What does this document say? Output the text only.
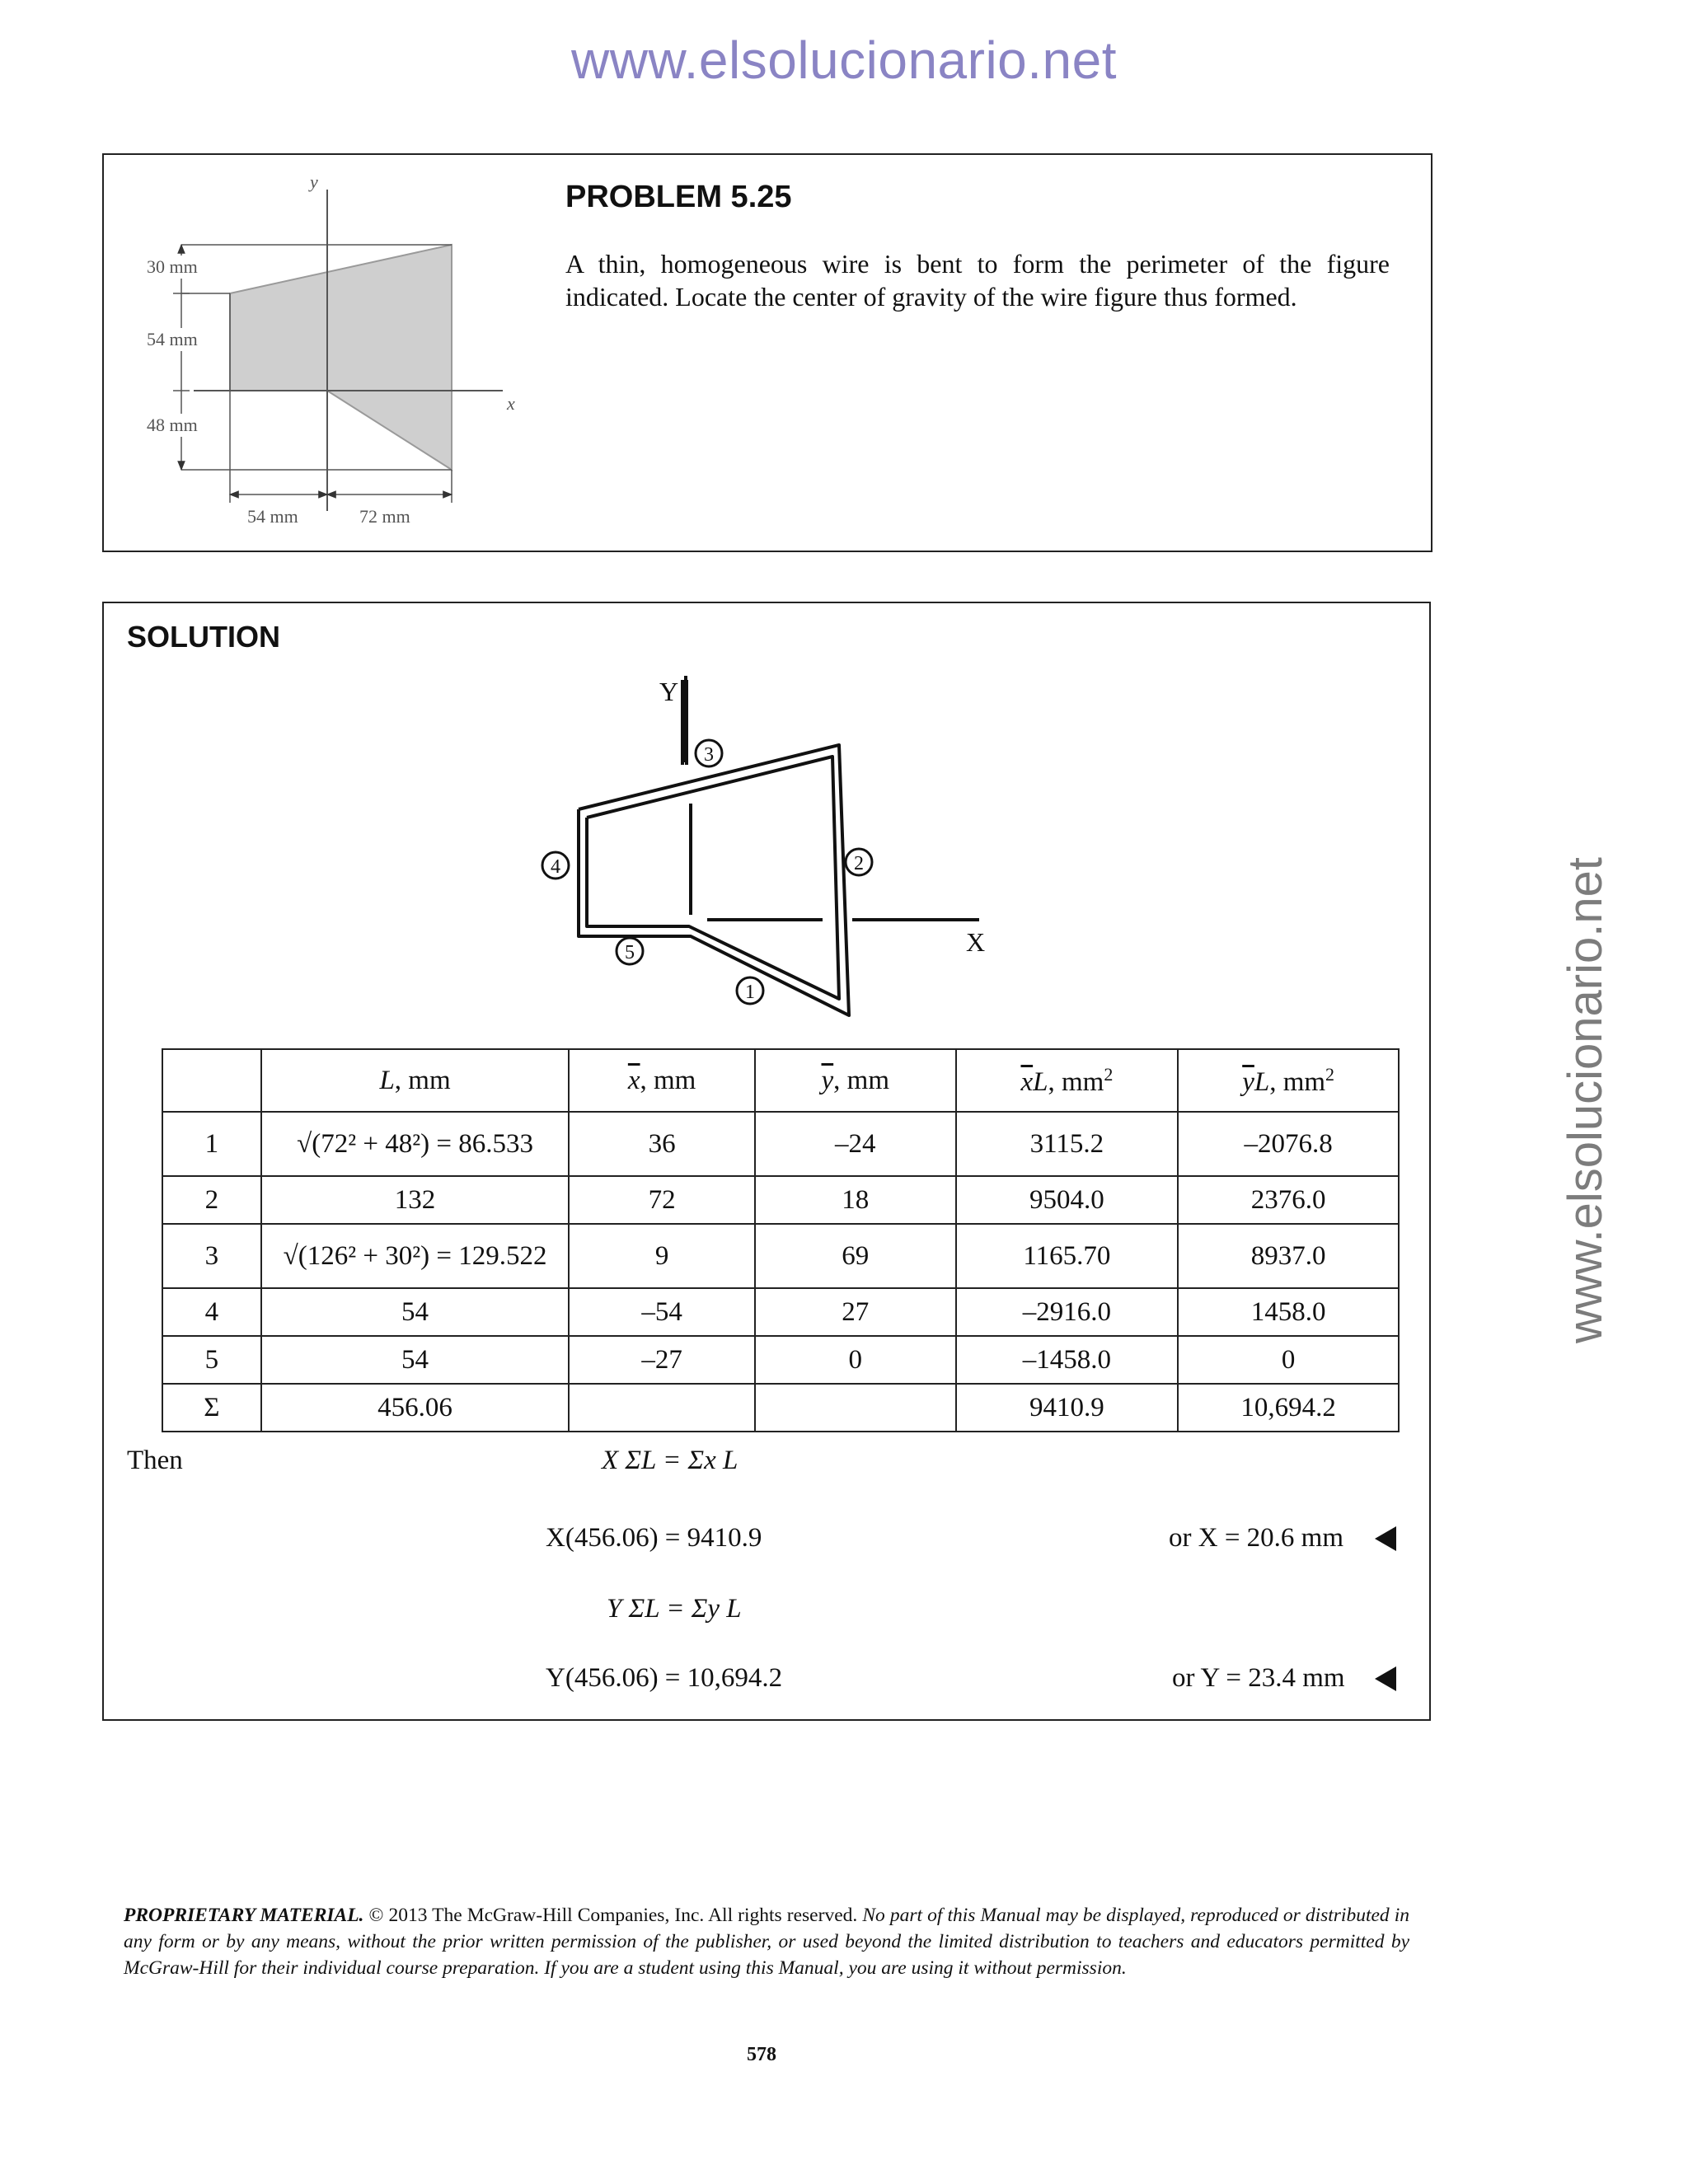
www.elsolucionario.net
www.elsolucionario.net
y
x
30 mm
54 mm
48 mm
54 mm	72 mm
PROBLEM 5.25
A thin, homogeneous wire is bent to form the perimeter of the figure indicated. Locate the center of gravity of the wire figure thus formed.
SOLUTION
Y
X
3
2
4
5
1
	L, mm	$\overline{x}$, mm	$\overline{y}$, mm	$\overline{x}L$, $mm^2$	$\overline{y}L$, $mm^2$
1	√(72² + 48²) = 86.533	36	–24	3115.2	–2076.8
2	132	72	18	9504.0	2376.0
3	√(126² + 30²) = 129.522	9	69	1165.70	8937.0
4	54	–54	27	–2916.0	1458.0
5	54	–27	0	–1458.0	0
Σ	456.06			9410.9	10,694.2
Then	X ΣL = Σx L
X(456.06) = 9410.9
Y ΣL = Σy L
Y(456.06) = 10,694.2
or X = 20.6 mm
or Y = 23.4 mm
PROPRIETARY MATERIAL. © 2013 The McGraw-Hill Companies, Inc. All rights reserved. No part of this Manual may be displayed, reproduced or distributed in any form or by any means, without the prior written permission of the publisher, or used beyond the limited distribution to teachers and educators permitted by McGraw-Hill for their individual course preparation. If you are a student using this Manual, you are using it without permission.
578
